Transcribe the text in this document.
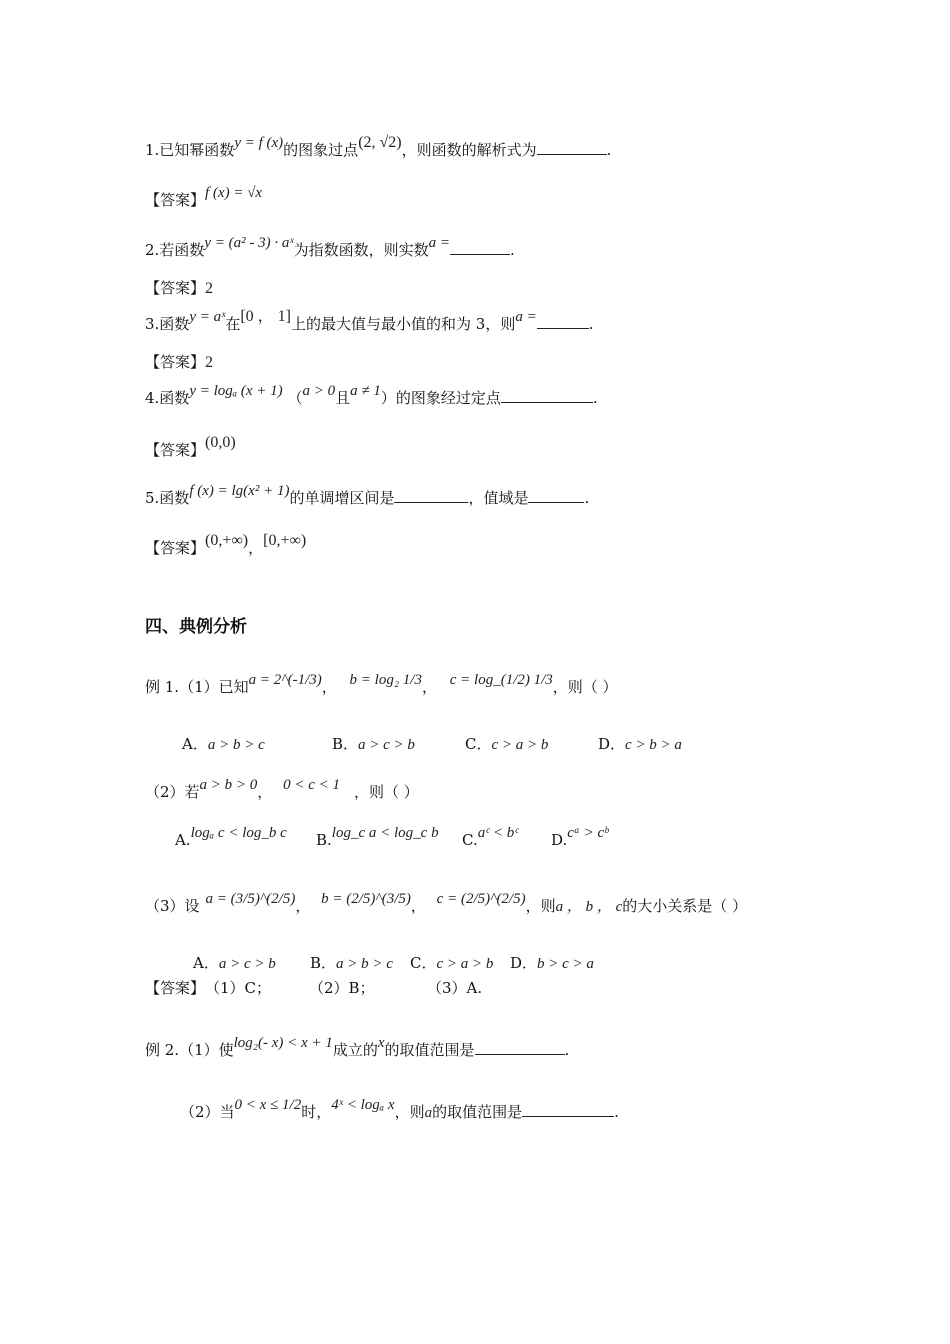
1.已知幂函数y = f (x)的图象过点(2, √2)，则函数的解析式为	.
【答案】f (x) = √x
2.若函数y = (a² - 3) · aˣ为指数函数，则实数a =	.
【答案】2
3.函数y = aˣ在[0 ， 1]上的最大值与最小值的和为 3，则a =	.
【答案】2
4.函数y = logₐ (x + 1) （a > 0且a ≠ 1）的图象经过定点	.
【答案】(0,0)
5.函数f (x) = lg(x² + 1)的单调增区间是	，值域是	.
【答案】(0,+∞)，[0,+∞)
四、典例分析
例 1.（1）已知a = 2^(-1/3)， b = log₂ 1/3， c = log_(1/2) 1/3，则（ ）
A．a > b > c	B．a > c > b	C．c > a > b	D．c > b > a
（2）若a > b > 0， 0 < c < 1 ，则（ ）
A.logₐ c < log_b c B.log_c a < log_c b C.aᶜ < bᶜ D.cᵃ > cᵇ
（3）设 a = (3/5)^(2/5)， b = (2/5)^(3/5)， c = (2/5)^(2/5)，则a ， b ， c的大小关系是（ ）
A．a > c > b B．a > b > c C．c > a > b D．b > c > a
【答案】（1）C；	（2）B；	（3）A.
例 2.（1）使log₂(- x) < x + 1成立的x的取值范围是	.
（2）当0 < x ≤ 1/2时，4ˣ < logₐ x，则a的取值范围是	.
